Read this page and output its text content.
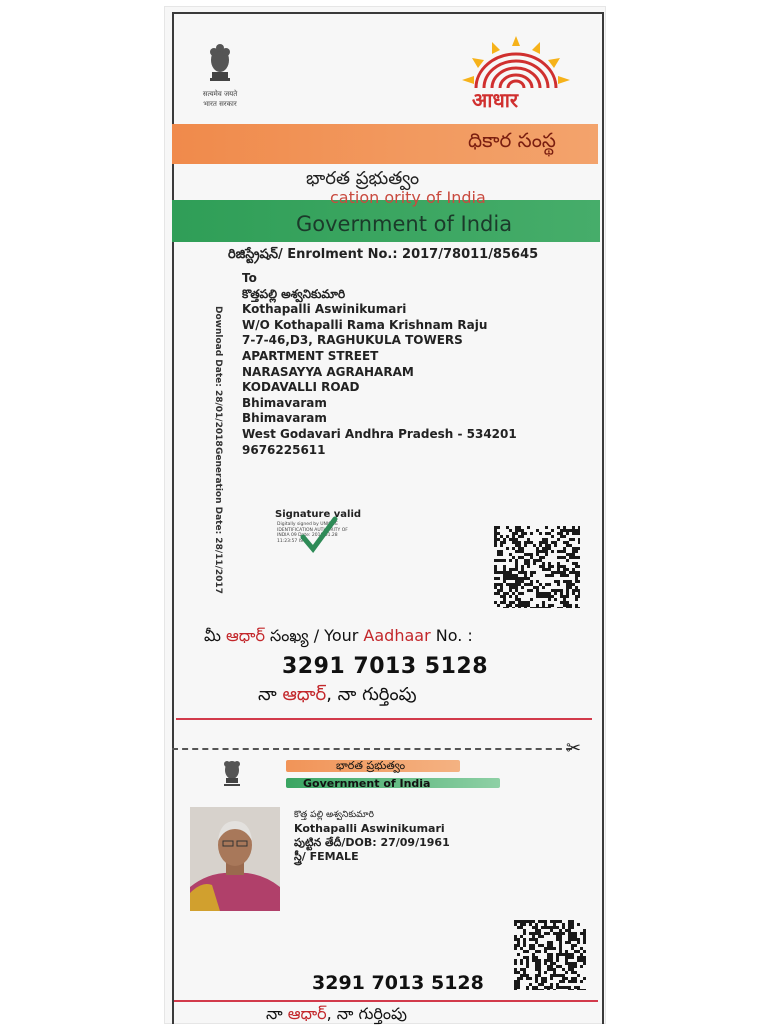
सत्यमेव जयते
भारत सरकार	आधार
ధికార సంస్థ
భారత ప్రభుత్వం
cation ority of India
Government of India
రిజిస్ట్రేషన్/ Enrolment No.: 2017/78011/85645
To
కొత్తపల్లి అశ్వనికుమారి
Kothapalli Aswinikumari
W/O Kothapalli Rama Krishnam Raju
7-7-46,D3, RAGHUKULA TOWERS
APARTMENT STREET
NARASAYYA AGRAHARAM
KODAVALLI ROAD
Bhimavaram
Bhimavaram
West Godavari Andhra Pradesh - 534201
9676225611
Download Date: 28/01/2018
Generation Date: 28/11/2017	Signature valid
Digitally signed by UNIQUE IDENTIFICATION AUTHORITY OF INDIA 09 Date: 2018.01.28 11:23:57 IST
మీ ఆధార్ సంఖ్య / Your Aadhaar No. :
3291 7013 5128
నా ఆధార్, నా గుర్తింపు
✂
భారత ప్రభుత్వం
Government of India
కొత్త పల్లి అశ్వనికుమారి
Kothapalli Aswinikumari
పుట్టిన తేదీ/DOB: 27/09/1961
స్త్రీ/ FEMALE
3291 7013 5128
నా ఆధార్, నా గుర్తింపు
